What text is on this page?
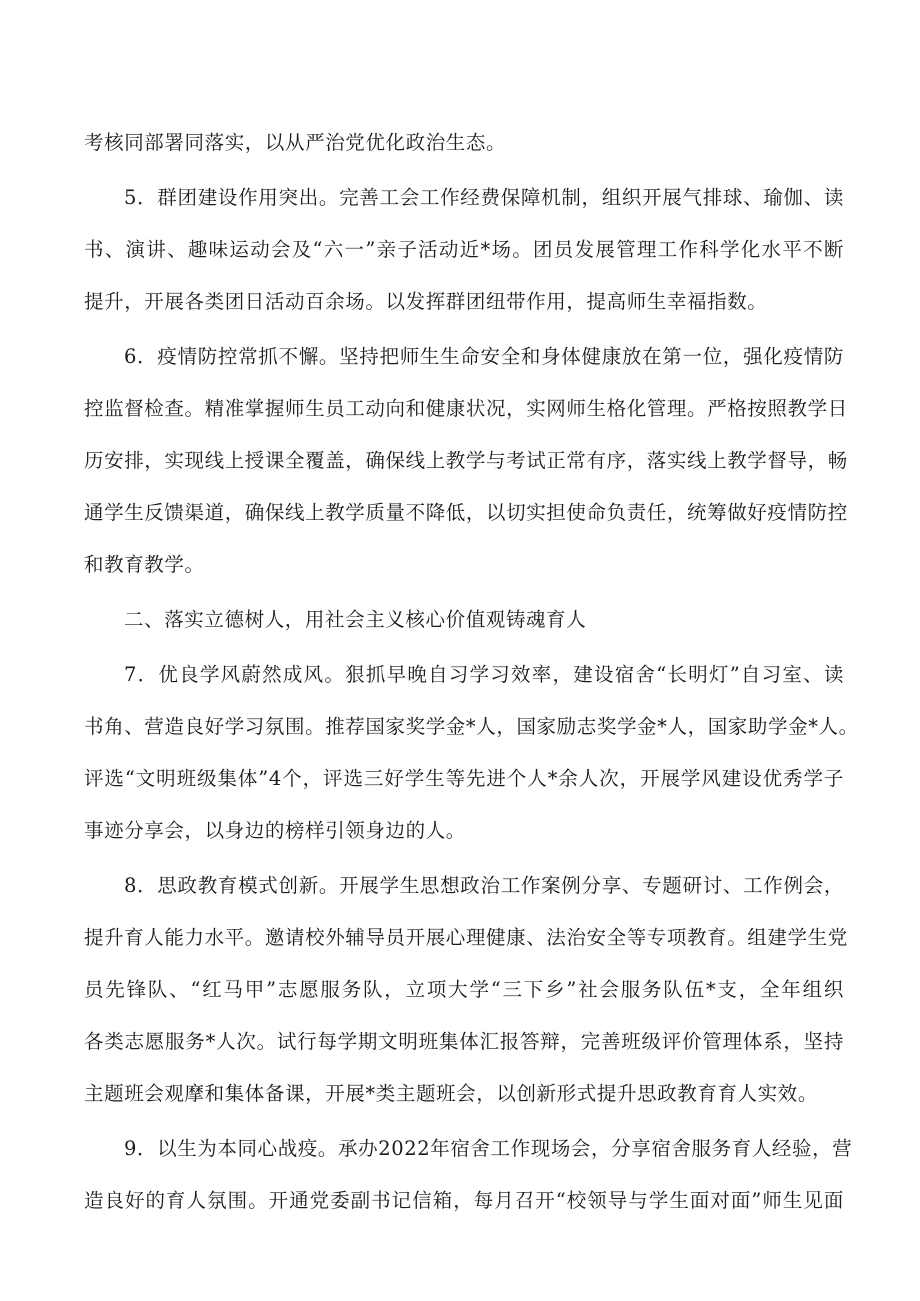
考核同部署同落实，以从严治党优化政治生态。
5．群团建设作用突出。完善工会工作经费保障机制，组织开展气排球、瑜伽、读
书、演讲、趣味运动会及“六一”亲子活动近*场。团员发展管理工作科学化水平不断
提升，开展各类团日活动百余场。以发挥群团纽带作用，提高师生幸福指数。
6．疫情防控常抓不懈。坚持把师生生命安全和身体健康放在第一位，强化疫情防
控监督检查。精准掌握师生员工动向和健康状况，实网师生格化管理。严格按照教学日
历安排，实现线上授课全覆盖，确保线上教学与考试正常有序，落实线上教学督导，畅
通学生反馈渠道，确保线上教学质量不降低，以切实担使命负责任，统筹做好疫情防控
和教育教学。
二、落实立德树人，用社会主义核心价值观铸魂育人
7．优良学风蔚然成风。狠抓早晚自习学习效率，建设宿舍“长明灯”自习室、读
书角、营造良好学习氛围。推荐国家奖学金*人，国家励志奖学金*人，国家助学金*人。
评选“文明班级集体”4个，评选三好学生等先进个人*余人次，开展学风建设优秀学子
事迹分享会，以身边的榜样引领身边的人。
8．思政教育模式创新。开展学生思想政治工作案例分享、专题研讨、工作例会，
提升育人能力水平。邀请校外辅导员开展心理健康、法治安全等专项教育。组建学生党
员先锋队、“红马甲”志愿服务队，立项大学“三下乡”社会服务队伍*支，全年组织
各类志愿服务*人次。试行每学期文明班集体汇报答辩，完善班级评价管理体系，坚持
主题班会观摩和集体备课，开展*类主题班会，以创新形式提升思政教育育人实效。
9．以生为本同心战疫。承办2022年宿舍工作现场会，分享宿舍服务育人经验，营
造良好的育人氛围。开通党委副书记信箱，每月召开“校领导与学生面对面”师生见面
